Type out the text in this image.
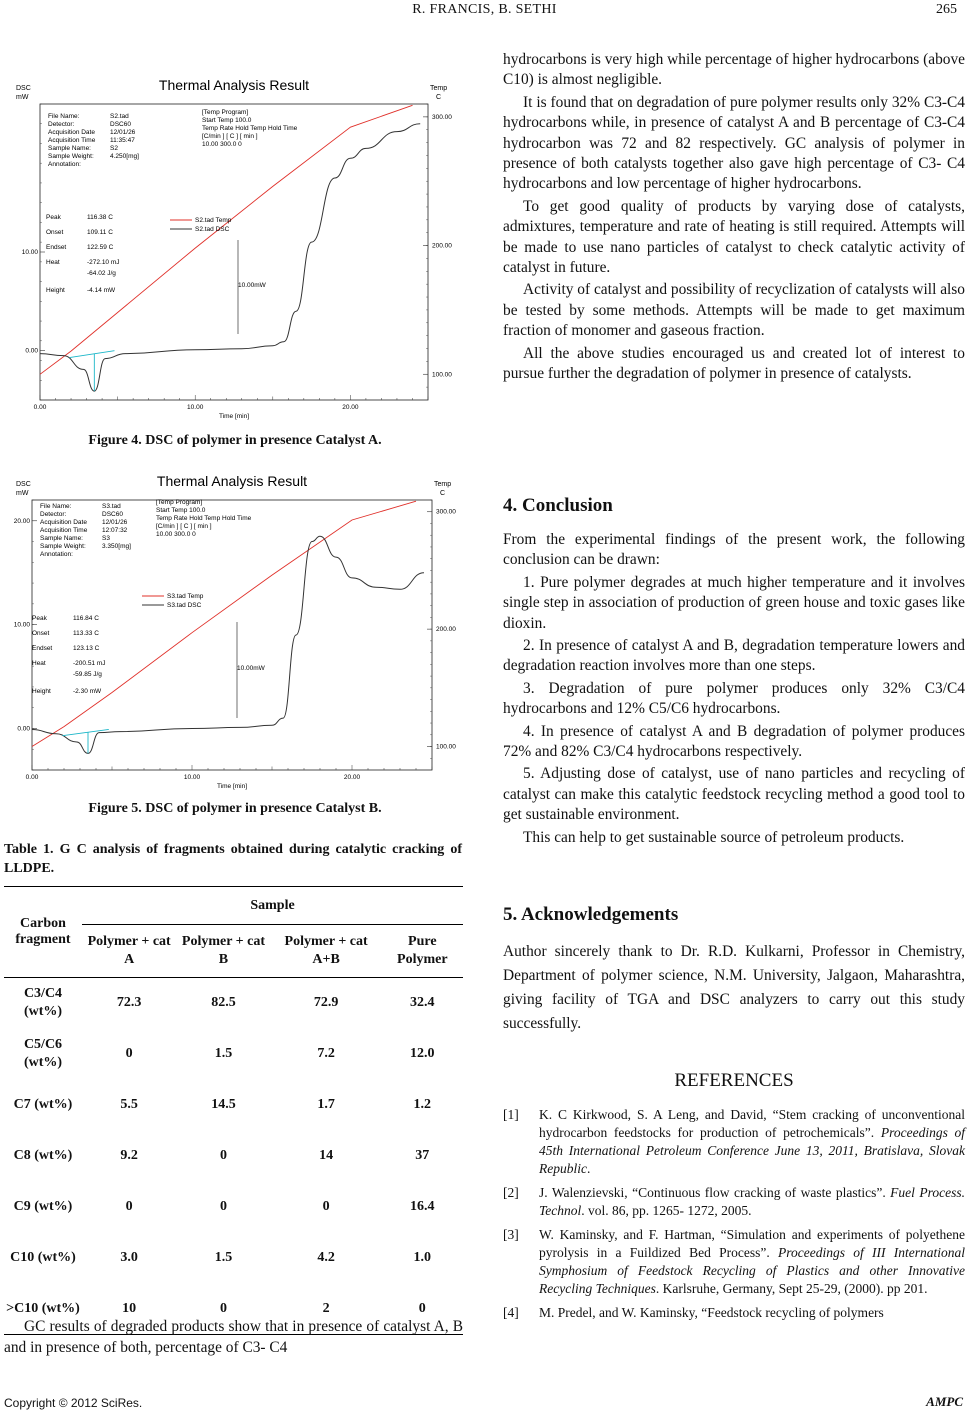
R. FRANCIS, B. SETHI	265
Thermal Analysis Result
DSC
mW
Temp
C
0.00	10.00	20.00
Time [min]
10.00
0.00
300.00
200.00
100.00
File Name:	S2.tad
Detector:	DSC60
Acquisition Date 12/01/26
Acquisition Time 11:35:47
Sample Name:	S2
Sample Weight: 4.250[mg]
Annotation:
[Temp Program]
Start Temp 100.0
Temp Rate Hold Temp Hold Time
[C/min ] [ C ] [ min ]
10.00 300.0 0
S2.tad Temp
S2.tad DSC
Peak	116.38 C
Onset	109.11 C
Endset	122.59 C
Heat	-272.10 mJ
-64.02 J/g
Height	-4.14 mW
10.00mW
Figure 4. DSC of polymer in presence Catalyst A.
Thermal Analysis Result
DSC
mW
Temp
C
0.00	10.00	20.00
Time [min]
20.00
10.00
0.00
300.00
200.00
100.00
File Name:	S3.tad
Detector:	DSC60
Acquisition Date 12/01/26
Acquisition Time 12:07:32
Sample Name:	S3
Sample Weight: 3.350[mg]
Annotation:
[Temp Program]
Start Temp 100.0
Temp Rate Hold Temp Hold Time
[C/min ] [ C ] [ min ]
10.00 300.0 0
S3.tad Temp
S3.tad DSC
Peak	116.84 C
Onset	113.33 C
Endset	123.13 C
Heat	-200.51 mJ
-59.85 J/g
Height	-2.30 mW
10.00mW
Figure 5. DSC of polymer in presence Catalyst B.
Table 1. G C analysis of fragments obtained during catalytic cracking of LLDPE.
Carbon fragment	Sample			
	Polymer + cat A	Polymer + cat B	Polymer + cat A+B	Pure Polymer
C3/C4 (wt%)	72.3	82.5	72.9	32.4
C5/C6 (wt%)	0	1.5	7.2	12.0
C7 (wt%)	5.5	14.5	1.7	1.2
C8 (wt%)	9.2	0	14	37
C9 (wt%)	0	0	0	16.4
C10 (wt%)	3.0	1.5	4.2	1.0
>C10 (wt%)	10	0	2	0

GC results of degraded products show that in presence of catalyst A, B and in presence of both, percentage of C3- C4

hydrocarbons is very high while percentage of higher hydrocarbons (above C10) is almost negligible.

It is found that on degradation of pure polymer results only 32% C3-C4 hydrocarbons while, in presence of catalyst A and B percentage of C3-C4 hydrocarbon was 72 and 82 respectively. GC analysis of polymer in presence of both catalysts together also gave high percentage of C3- C4 hydrocarbons and low percentage of higher hydrocarbons.

To get good quality of products by varying dose of catalysts, admixtures, temperature and rate of heating is still required. Attempts will be made to use nano particles of catalyst to check catalytic activity of catalyst in future.

Activity of catalyst and possibility of recyclization of catalysts will also be tested by some methods. Attempts will be made to get maximum fraction of monomer and gaseous fraction.

All the above studies encouraged us and created lot of interest to pursue further the degradation of polymer in presence of catalysts.

4. Conclusion

From the experimental findings of the present work, the following conclusion can be drawn:

1. Pure polymer degrades at much higher temperature and it involves single step in association of production of green house and toxic gases like dioxin.

2. In presence of catalyst A and B, degradation temperature lowers and degradation reaction involves more than one steps.

3. Degradation of pure polymer produces only 32% C3/C4 hydrocarbons and 12% C5/C6 hydrocarbons.

4. In presence of catalyst A and B degradation of polymer produces 72% and 82% C3/C4 hydrocarbons respectively.

5. Adjusting dose of catalyst, use of nano particles and recycling of catalyst can make this catalytic feedstock recycling method a good tool to get sustainable environment.

This can help to get sustainable source of petroleum products.

5. Acknowledgements

Author sincerely thank to Dr. R.D. Kulkarni, Professor in Chemistry, Department of polymer science, N.M. University, Jalgaon, Maharashtra, giving facility of TGA and DSC analyzers to carry out this study successfully.

REFERENCES
[1] K. C Kirkwood, S. A Leng, and David, “Stem cracking of unconventional hydrocarbon feedstocks for production of petrochemicals”. Proceedings of 45th International Petroleum Conference June 13, 2011, Bratislava, Slovak Republic.
[2] J. Walenzievski, “Continuous flow cracking of waste plastics”. Fuel Process. Technol. vol. 86, pp. 1265- 1272, 2005.
[3] W. Kaminsky, and F. Hartman, “Simulation and experiments of polyethene pyrolysis in a Fuildized Bed Process”. Proceedings of III International Symphosium of Feedstock Recycling of Plastics and other Innovative Recycling Techniques. Karlsruhe, Germany, Sept 25-29, (2000). pp 201.
[4] M. Predel, and W. Kaminsky, “Feedstock recycling of polymers
Copyright © 2012 SciRes.	AMPC
